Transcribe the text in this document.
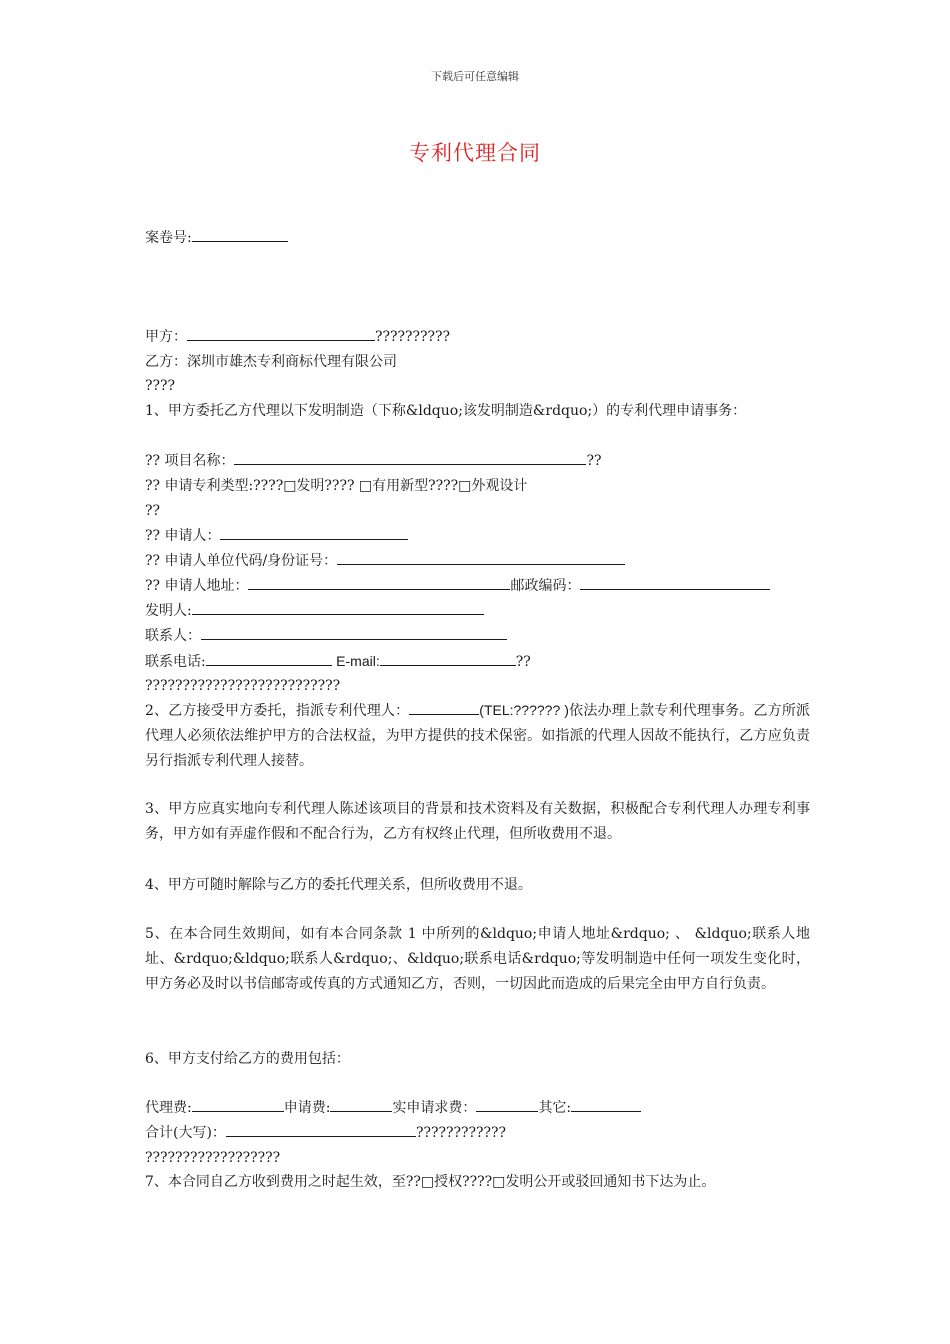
下载后可任意编辑
专利代理合同
案卷号:
甲方：	??????????
乙方：深圳市雄杰专利商标代理有限公司
????
1、甲方委托乙方代理以下发明制造（下称&ldquo;该发明制造&rdquo;）的专利代理申请事务：
?? 项目名称：	??
?? 申请专利类型:????□发明???? □有用新型????□外观设计
??
?? 申请人：
?? 申请人单位代码/身份证号：
?? 申请人地址：	邮政编码：
发明人:
联系人：
联系电话:	E-mail:	??
??????????????????????????
2、乙方接受甲方委托，指派专利代理人：	(TEL:?????? )依法办理上款专利代理事务。乙方所派代理人必须依法维护甲方的合法权益，为甲方提供的技术保密。如指派的代理人因故不能执行，乙方应负责另行指派专利代理人接替。
3、甲方应真实地向专利代理人陈述该项目的背景和技术资料及有关数据，积极配合专利代理人办理专利事务，甲方如有弄虚作假和不配合行为，乙方有权终止代理，但所收费用不退。
4、甲方可随时解除与乙方的委托代理关系，但所收费用不退。
5、在本合同生效期间，如有本合同条款 1 中所列的&ldquo;申请人地址&rdquo; 、 &ldquo;联系人地址、&rdquo;&ldquo;联系人&rdquo;、&ldquo;联系电话&rdquo;等发明制造中任何一项发生变化时，甲方务必及时以书信邮寄或传真的方式通知乙方，否则，一切因此而造成的后果完全由甲方自行负责。
6、甲方支付给乙方的费用包括：
代理费:	申请费:	实申请求费：	其它:
合计(大写)：	????????????
??????????????????
7、本合同自乙方收到费用之时起生效，至??□授权????□发明公开或驳回通知书下达为止。
